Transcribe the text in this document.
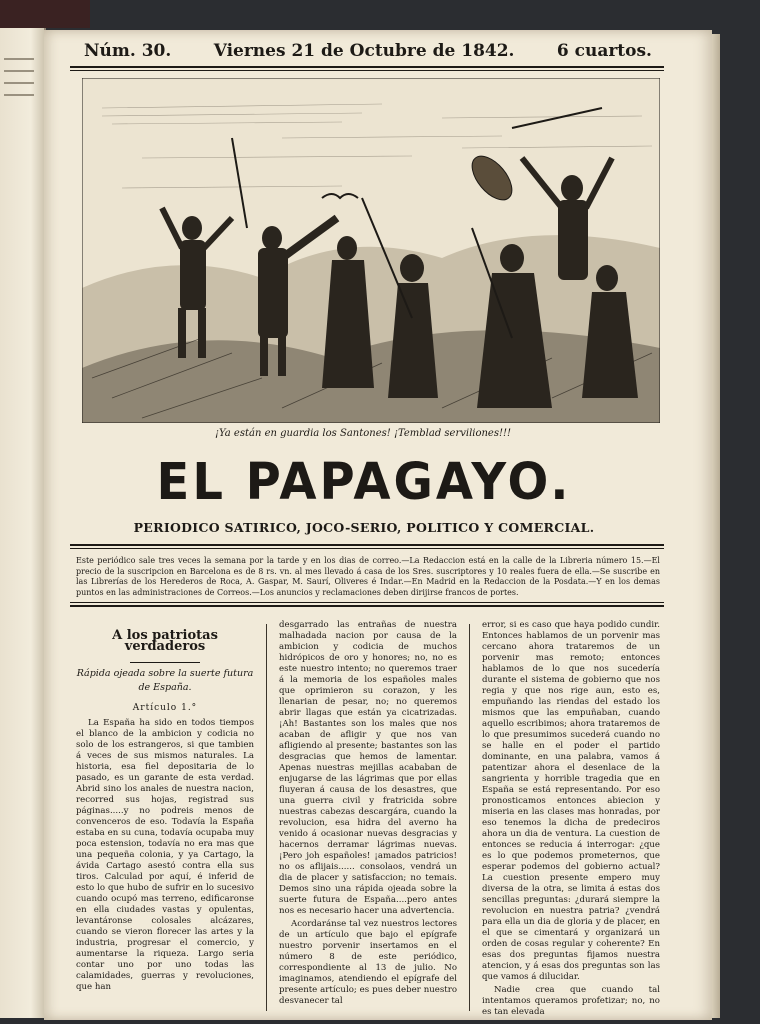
Núm. 30. Viernes 21 de Octubre de 1842. 6 cuartos.
¡Ya están en guardia los Santones! ¡Temblad serviliones!!!
EL PAPAGAYO.
PERIODICO SATIRICO, JOCO-SERIO, POLITICO Y COMERCIAL.
Este periódico sale tres veces la semana por la tarde y en los dias de correo.—La Redaccion está en la calle de la Libreria número 15.—El precio de la suscripcion en Barcelona es de 8 rs. vn. al mes llevado á casa de los Sres. suscriptores y 10 reales fuera de ella.—Se suscribe en las Librerías de los Herederos de Roca, A. Gaspar, M. Saurí, Oliveres é Indar.—En Madrid en la Redaccion de la Posdata.—Y en los demas puntos en las administraciones de Correos.—Los anuncios y reclamaciones deben dirijirse francos de portes.
A los patriotas verdaderos
Rápida ojeada sobre la suerte futura de España.
Artículo 1.°

La España ha sido en todos tiempos el blanco de la ambicion y codicia no solo de los estrangeros, si que tambien á veces de sus mismos naturales. La historia, esa fiel depositaria de lo pasado, es un garante de esta verdad. Abrid sino los anales de nuestra nacion, recorred sus hojas, registrad sus páginas.....y no podreis menos de convenceros de eso. Todavía la España estaba en su cuna, todavía ocupaba muy poca estension, todavía no era mas que una pequeña colonia, y ya Cartago, la ávida Cartago asestó contra ella sus tiros. Calculad por aquí, é inferid de esto lo que hubo de sufrir en lo sucesivo cuando ocupó mas terreno, edificaronse en ella ciudades vastas y opulentas, levantáronse colosales alcázares, cuando se vieron florecer las artes y la industria, progresar el comercio, y aumentarse la riqueza. Largo seria contar uno por uno todas las calamidades, guerras y revoluciones, que han

desgarrado las entrañas de nuestra malhadada nacion por causa de la ambicion y codicia de muchos hidrópicos de oro y honores; no, no es este nuestro intento; no queremos traer á la memoria de los españoles males que oprimieron su corazon, y les llenarian de pesar, no; no queremos abrir llagas que están ya cicatrizadas. ¡Ah! Bastantes son los males que nos acaban de afligir y que nos van afligiendo al presente; bastantes son las desgracias que hemos de lamentar. Apenas nuestras mejillas acababan de enjugarse de las lágrimas que por ellas fluyeran á causa de los desastres, que una guerra civil y fratricida sobre nuestras cabezas descargára, cuando la revolucion, esa hidra del averno ha venido á ocasionar nuevas desgracias y hacernos derramar lágrimas nuevas. ¡Pero joh españoles! ¡amados patricios! no os aflijais...... consolaos, vendrá un dia de placer y satisfaccion; no temais. Demos sino una rápida ojeada sobre la suerte futura de España....pero antes nos es necesario hacer una advertencia.

Acordaránse tal vez nuestros lectores de un artículo que bajo el epígrafe nuestro porvenir insertamos en el número 8 de este periódico, correspondiente al 13 de julio. No imaginamos, atendiendo el epígrafe del presente artículo; es pues deber nuestro desvanecer tal

error, si es caso que haya podido cundir. Entonces hablamos de un porvenir mas cercano ahora trataremos de un porvenir mas remoto; entonces hablamos de lo que nos sucedería durante el sistema de gobierno que nos regia y que nos rige aun, esto es, empuñando las riendas del estado los mismos que las empuñaban, cuando aquello escribimos; ahora trataremos de lo que presumimos sucederá cuando no se halle en el poder el partido dominante, en una palabra, vamos á patentizar ahora el desenlace de la sangrienta y horrible tragedia que en España se está representando. Por eso pronosticamos entonces abiecion y miseria en las clases mas honradas, por eso tenemos la dicha de predeciros ahora un dia de ventura. La cuestion de entonces se reducia á interrogar: ¿que es lo que podemos prometernos, que esperar podemos del gobierno actual? La cuestion presente empero muy diversa de la otra, se limita á estas dos sencillas preguntas: ¿durará siempre la revolucion en nuestra patria? ¿vendrá para ella un dia de gloria y de placer, en el que se cimentará y organizará un orden de cosas regular y coherente? En esas dos preguntas fijamos nuestra atencion, y á esas dos preguntas son las que vamos á dilucidar.

Nadie crea que cuando tal intentamos queramos profetizar; no, no es tan elevada
